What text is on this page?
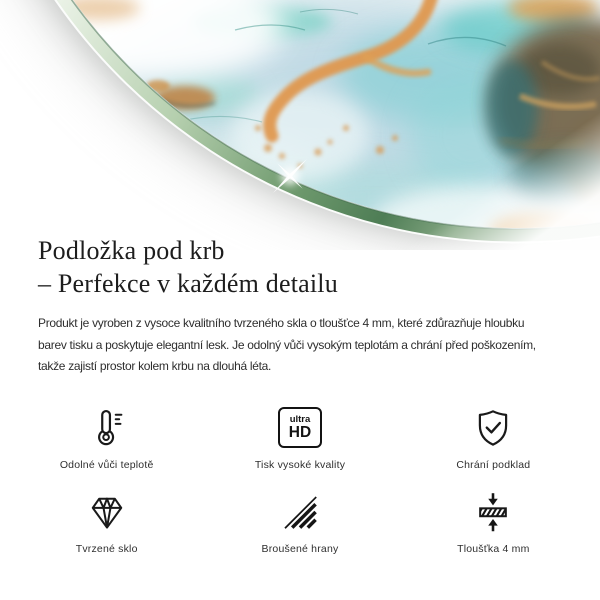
Podložka pod krb
– Perfekce v každém detailu
Produkt je vyroben z vysoce kvalitního tvrzeného skla o tloušťce 4 mm, které zdůrazňuje hloubku
barev tisku a poskytuje elegantní lesk. Je odolný vůči vysokým teplotám a chrání před poškozením,
takže zajistí prostor kolem krbu na dlouhá léta.
Odolné vůči teplotě
ultra
HD
Tisk vysoké kvality	Chrání podklad
Tvrzené sklo	Broušené hrany	Tloušťka 4 mm
